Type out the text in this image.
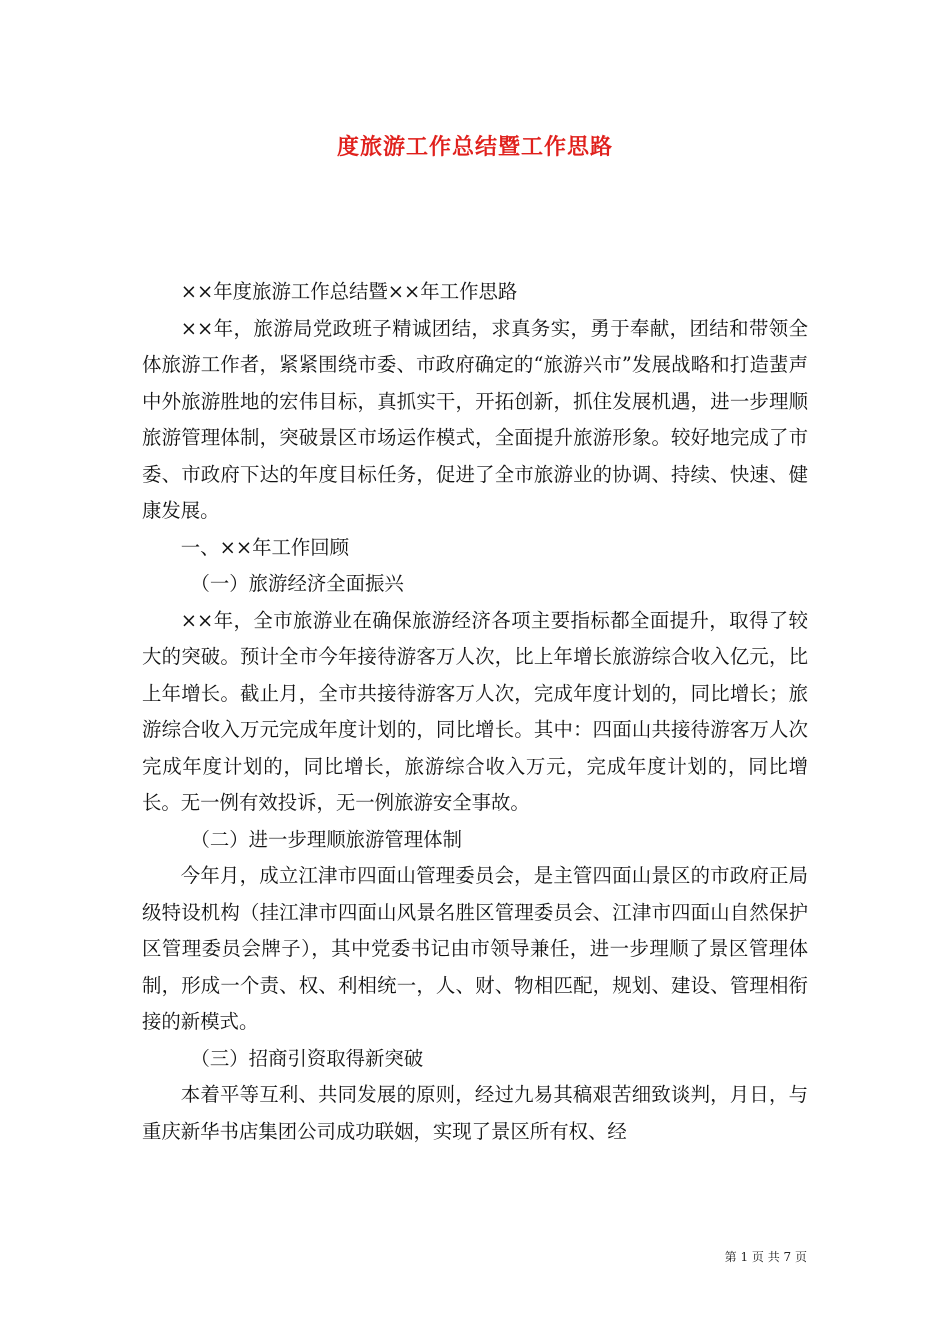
度旅游工作总结暨工作思路

××年度旅游工作总结暨××年工作思路

××年，旅游局党政班子精诚团结，求真务实，勇于奉献，团结和带领全体旅游工作者，紧紧围绕市委、市政府确定的“旅游兴市”发展战略和打造蜚声中外旅游胜地的宏伟目标，真抓实干，开拓创新，抓住发展机遇，进一步理顺旅游管理体制，突破景区市场运作模式，全面提升旅游形象。较好地完成了市委、市政府下达的年度目标任务，促进了全市旅游业的协调、持续、快速、健康发展。

一、××年工作回顾

（一）旅游经济全面振兴

××年，全市旅游业在确保旅游经济各项主要指标都全面提升，取得了较大的突破。预计全市今年接待游客万人次，比上年增长旅游综合收入亿元，比上年增长。截止月，全市共接待游客万人次，完成年度计划的，同比增长；旅游综合收入万元完成年度计划的，同比增长。其中：四面山共接待游客万人次完成年度计划的，同比增长，旅游综合收入万元，完成年度计划的，同比增长。无一例有效投诉，无一例旅游安全事故。

（二）进一步理顺旅游管理体制

今年月，成立江津市四面山管理委员会，是主管四面山景区的市政府正局级特设机构（挂江津市四面山风景名胜区管理委员会、江津市四面山自然保护区管理委员会牌子），其中党委书记由市领导兼任，进一步理顺了景区管理体制，形成一个责、权、利相统一，人、财、物相匹配，规划、建设、管理相衔接的新模式。

（三）招商引资取得新突破

本着平等互利、共同发展的原则，经过九易其稿艰苦细致谈判，月日，与重庆新华书店集团公司成功联姻，实现了景区所有权、经

第 1 页 共 7 页
